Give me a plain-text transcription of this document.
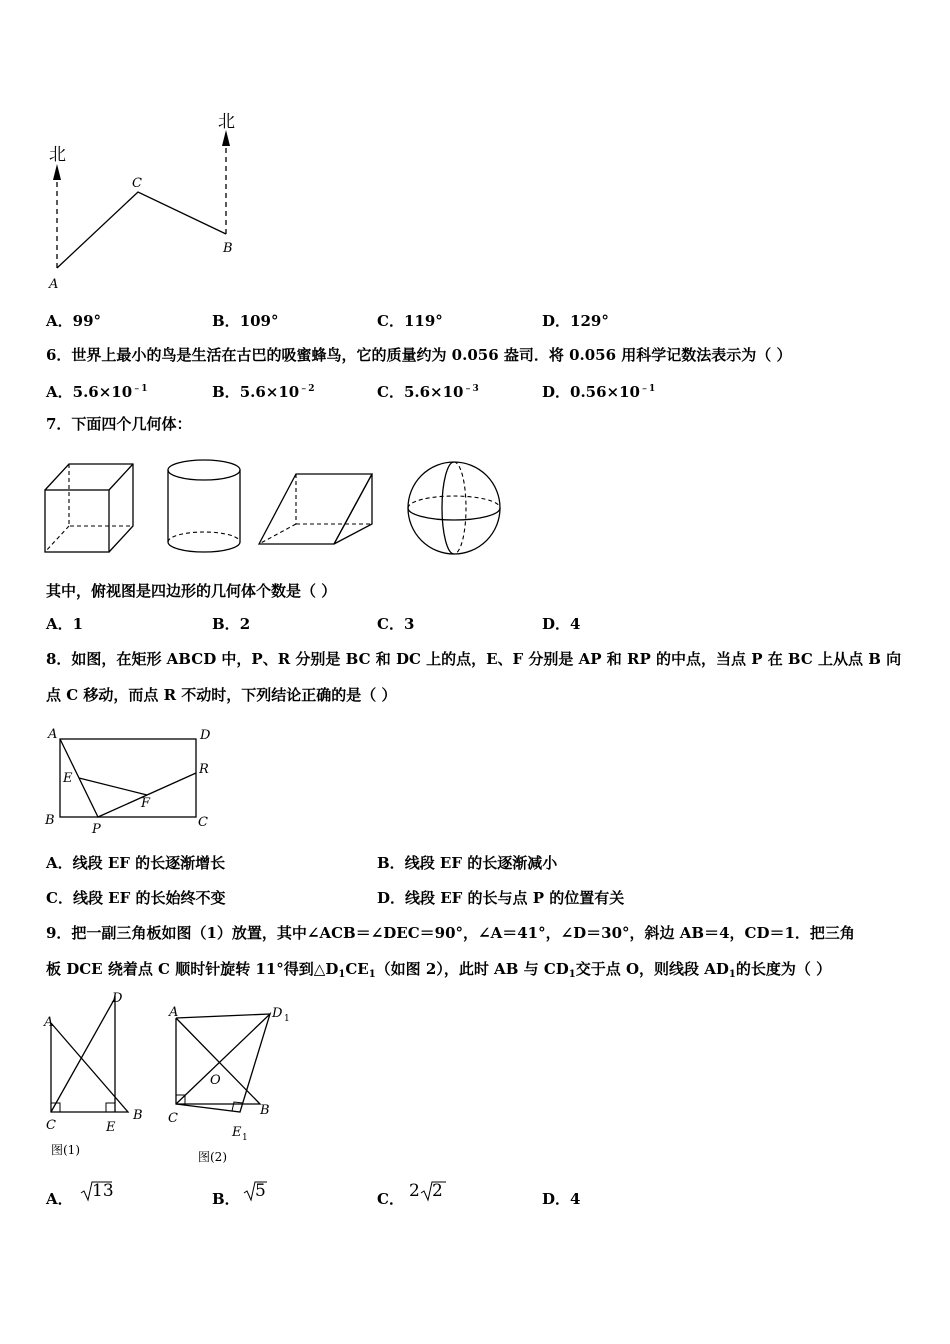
北
北
A
B
C
A．99°	B．109°	C．119°	D．129°
6．世界上最小的鸟是生活在古巴的吸蜜蜂鸟，它的质量约为 0.056 盎司．将 0.056 用科学记数法表示为（ ）
A．$5.6\times 10^{﹣1}$	B．$5.6\times 10^{﹣2}$	C．$5.6\times 10^{﹣3}$	D．$0.56\times 10^{﹣1}$
7．下面四个几何体：
其中，俯视图是四边形的几何体个数是（ ）
A．1	B．2	C．3	D．4
8．如图，在矩形 ABCD 中，P、R 分别是 BC 和 DC 上的点，E、F 分别是 AP 和 RP 的中点，当点 P 在 BC 上从点 B 向
点 C 移动，而点 R 不动时，下列结论正确的是（ ）
A	D
B	C
E
F
P
R
A．线段 EF 的长逐渐增长	B．线段 EF 的长逐渐减小
C．线段 EF 的长始终不变	D．线段 EF 的长与点 P 的位置有关
9．把一副三角板如图（1）放置，其中∠ACB＝∠DEC＝90°，∠A＝41°，∠D＝30°，斜边 AB＝4，CD＝1．把三角
板 DCE 绕着点 C 顺时针旋转 11°得到$\triangle D_1CE_1$（如图 2），此时 AB 与 $CD_1$交于点 O，则线段 $AD_1$的长度为（ ）
A
D
C	E
B
图(1)
A	D 1
O
C
B
E 1
图(2)
A． 13	B． 5	C． 2 2	D．4
